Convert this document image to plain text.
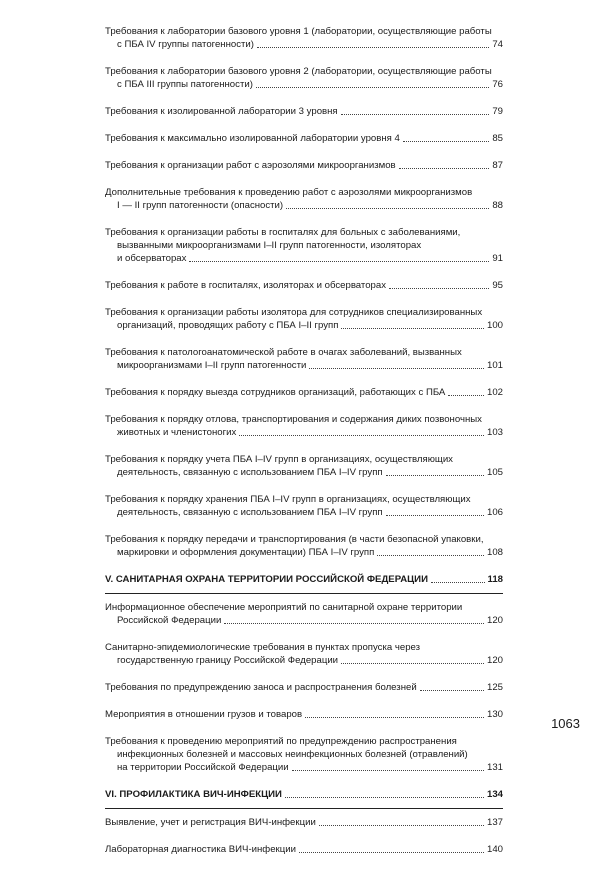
Требования к лаборатории базового уровня 1 (лаборатории, осуществляющие работы
с ПБА IV группы патогенности)	74
Требования к лаборатории базового уровня 2 (лаборатории, осуществляющие работы
с ПБА III группы патогенности)	76
Требования к изолированной лаборатории 3 уровня	79
Требования к максимально изолированной лаборатории уровня 4	85
Требования к организации работ с аэрозолями микроорганизмов	87
Дополнительные требования к проведению работ с аэрозолями микроорганизмов
I — II групп патогенности (опасности)	88
Требования к организации работы в госпиталях для больных с заболеваниями,
вызванными микроорганизмами I–II групп патогенности, изоляторах
и обсерваторах	91
Требования к работе в госпиталях, изоляторах и обсерваторах	95
Требования к организации работы изолятора для сотрудников специализированных
организаций, проводящих работу с ПБА I–II групп	100
Требования к патологоанатомической работе в очагах заболеваний, вызванных
микроорганизмами I–II групп патогенности	101
Требования к порядку выезда сотрудников организаций, работающих с ПБА	102
Требования к порядку отлова, транспортирования и содержания диких позвоночных
животных и членистоногих	103
Требования к порядку учета ПБА I–IV групп в организациях, осуществляющих
деятельность, связанную с использованием ПБА I–IV групп	105
Требования к порядку хранения ПБА I–IV групп в организациях, осуществляющих
деятельность, связанную с использованием ПБА I–IV групп	106
Требования к порядку передачи и транспортирования (в части безопасной упаковки,
маркировки и оформления документации) ПБА I–IV групп	108
V. САНИТАРНАЯ ОХРАНА ТЕРРИТОРИИ РОССИЙСКОЙ ФЕДЕРАЦИИ	118
Информационное обеспечение мероприятий по санитарной охране территории
Российской Федерации	120
Санитарно-эпидемиологические требования в пунктах пропуска через
государственную границу Российской Федерации	120
Требования по предупреждению заноса и распространения болезней	125
Мероприятия в отношении грузов и товаров	130
Требования к проведению мероприятий по предупреждению распространения
инфекционных болезней и массовых неинфекционных болезней (отравлений)
на территории Российской Федерации	131
VI. ПРОФИЛАКТИКА ВИЧ-ИНФЕКЦИИ	134
Выявление, учет и регистрация ВИЧ-инфекции	137
Лабораторная диагностика ВИЧ-инфекции	140
1063
